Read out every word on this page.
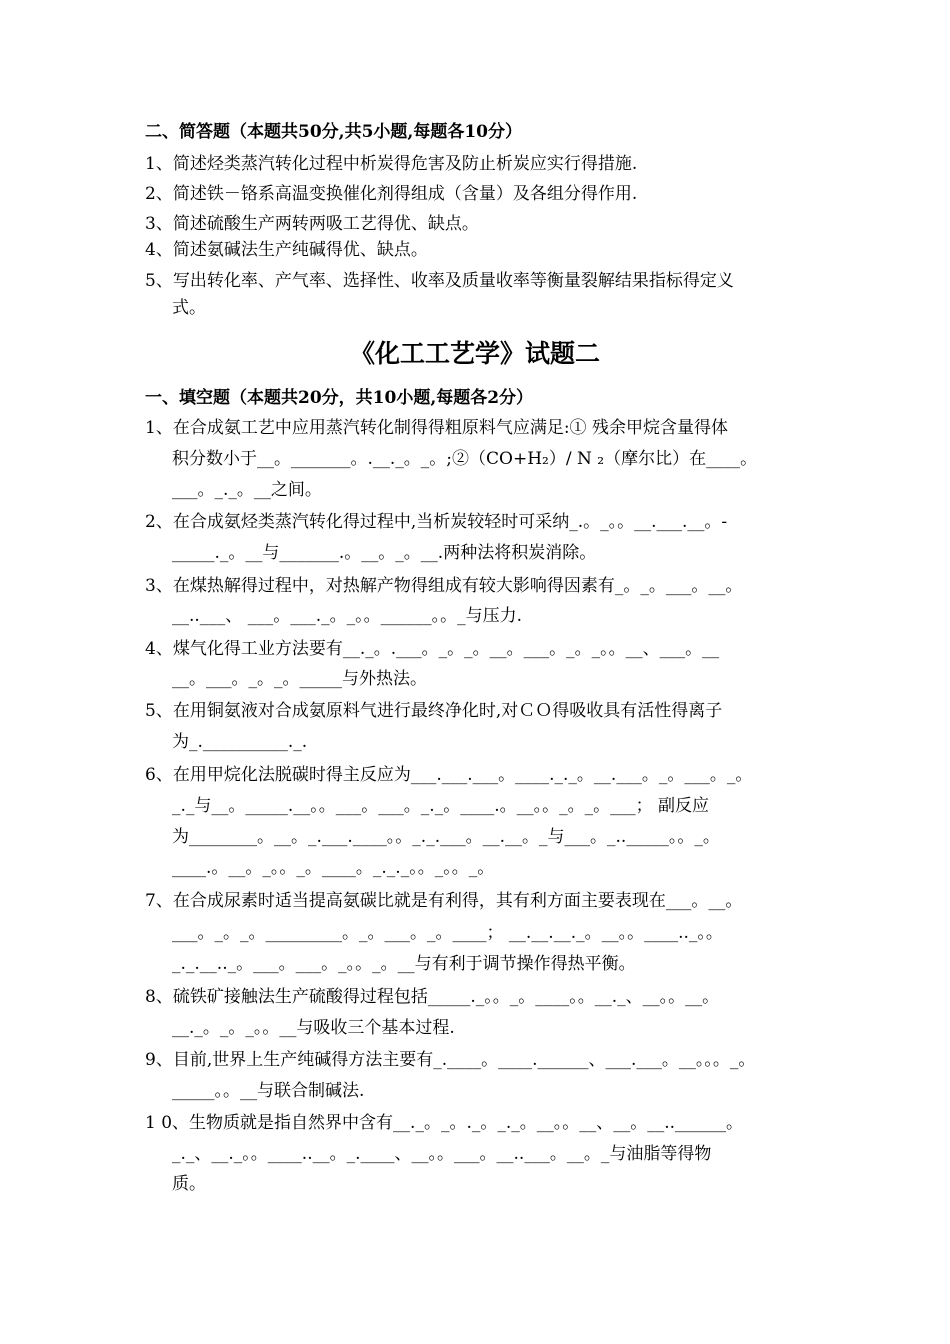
二、简答题（本题共50分,共5小题,每题各10分）
1、简述烃类蒸汽转化过程中析炭得危害及防止析炭应实行得措施.
2、简述铁－铬系高温变换催化剂得组成（含量）及各组分得作用.
3、简述硫酸生产两转两吸工艺得优、缺点。
4、简述氨碱法生产纯碱得优、缺点。
5、写出转化率、产气率、选择性、收率及质量收率等衡量裂解结果指标得定义
式。
《化工工艺学》试题二
一、填空题（本题共20分，共10小题,每题各2分）
1、在合成氨工艺中应用蒸汽转化制得得粗原料气应满足:① 残余甲烷含量得体
积分数小于__。_______。.__._。_。;②（CO+H₂）/ N ₂（摩尔比）在____。
___。_._。__之间。
2、在合成氨烃类蒸汽转化得过程中,当析炭较轻时可采纳_.。_。。__.___.__。-
_____._。__与_______.。__。_。__.两种法将积炭消除。
3、在煤热解得过程中，对热解产物得组成有较大影响得因素有_。_。___。__。
__..___、 ___。___._。_。。______。。_与压力.
4、煤气化得工业方法要有__._。.___。_。_。__。___。_。_。。__、___。__
__。___。_。_。_____与外热法。
5、在用铜氨液对合成氨原料气进行最终净化时,对ＣＯ得吸收具有活性得离子
为_.__________._.
6、在用甲烷化法脱碳时得主反应为___.___.___。____._._。__.___。_。___。_。
_._与__。_____.__。。___。___。_._。____.。__。。_。_。___； 副反应
为________。__。_.___.____。。_._.___。__.__。_与___。_.._____。。_。
____.。__。_。。_。____。_._._。。_。。_。
7、在合成尿素时适当提高氨碳比就是有利得，其有利方面主要表现在___。__。
___。_。_。_________。_。___。_。____； __.__.__._。__。。____.._。。
_._.__.._。___。___。_。。_。__与有利于调节操作得热平衡。
8、硫铁矿接触法生产硫酸得过程包括_____._。。_。____。。__._、__。。__。
__._。_。_。。__与吸收三个基本过程.
9、目前,世界上生产纯碱得方法主要有_.____。____.______、___.___。__。。。_。
_____。。__与联合制碱法.
1 0、生物质就是指自然界中含有__._。_。._。_._。__。。__、__。__..______。
_._、__._。。____..__。_.____、__。。___。__..___。__。_与油脂等得物
质。
